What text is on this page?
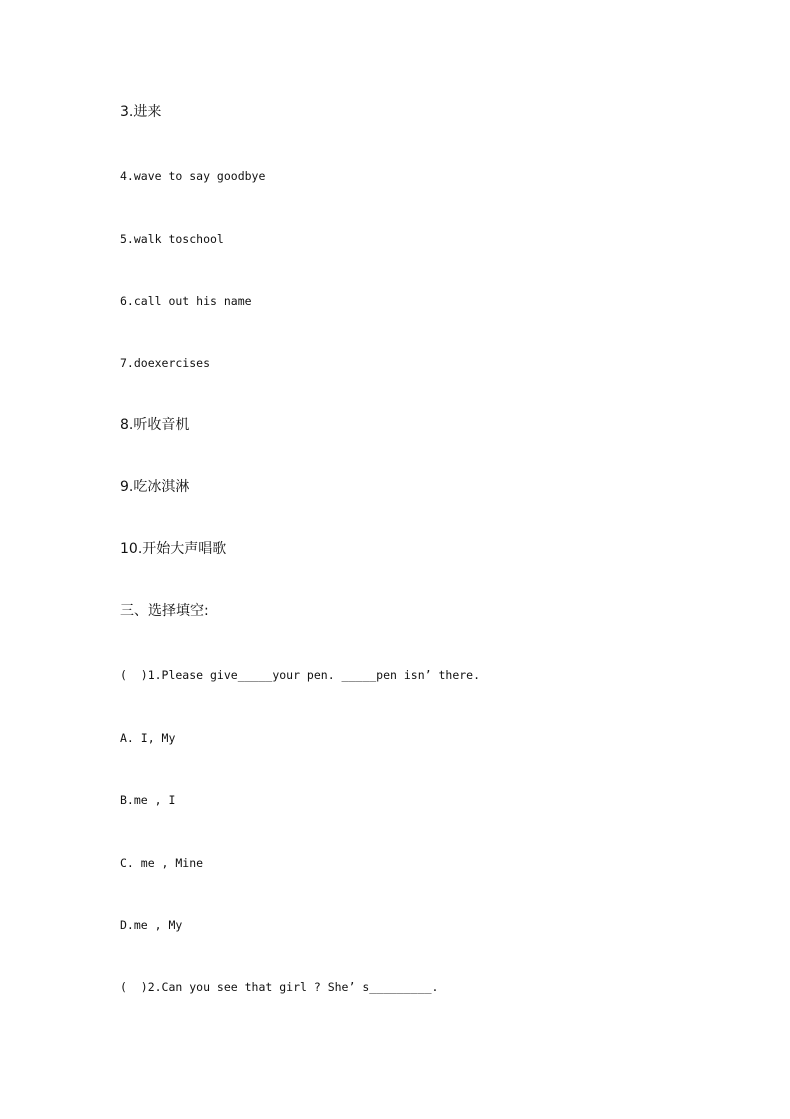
3.进来
4.wave to say goodbye
5.walk toschool
6.call out his name
7.doexercises
8.听收音机
9.吃冰淇淋
10.开始大声唱歌
三、选择填空:
(  )1.Please give_____your pen. _____pen isn’ there.
A. I, My
B.me , I
C. me , Mine
D.me , My
(  )2.Can you see that girl ? She’ s_________.
